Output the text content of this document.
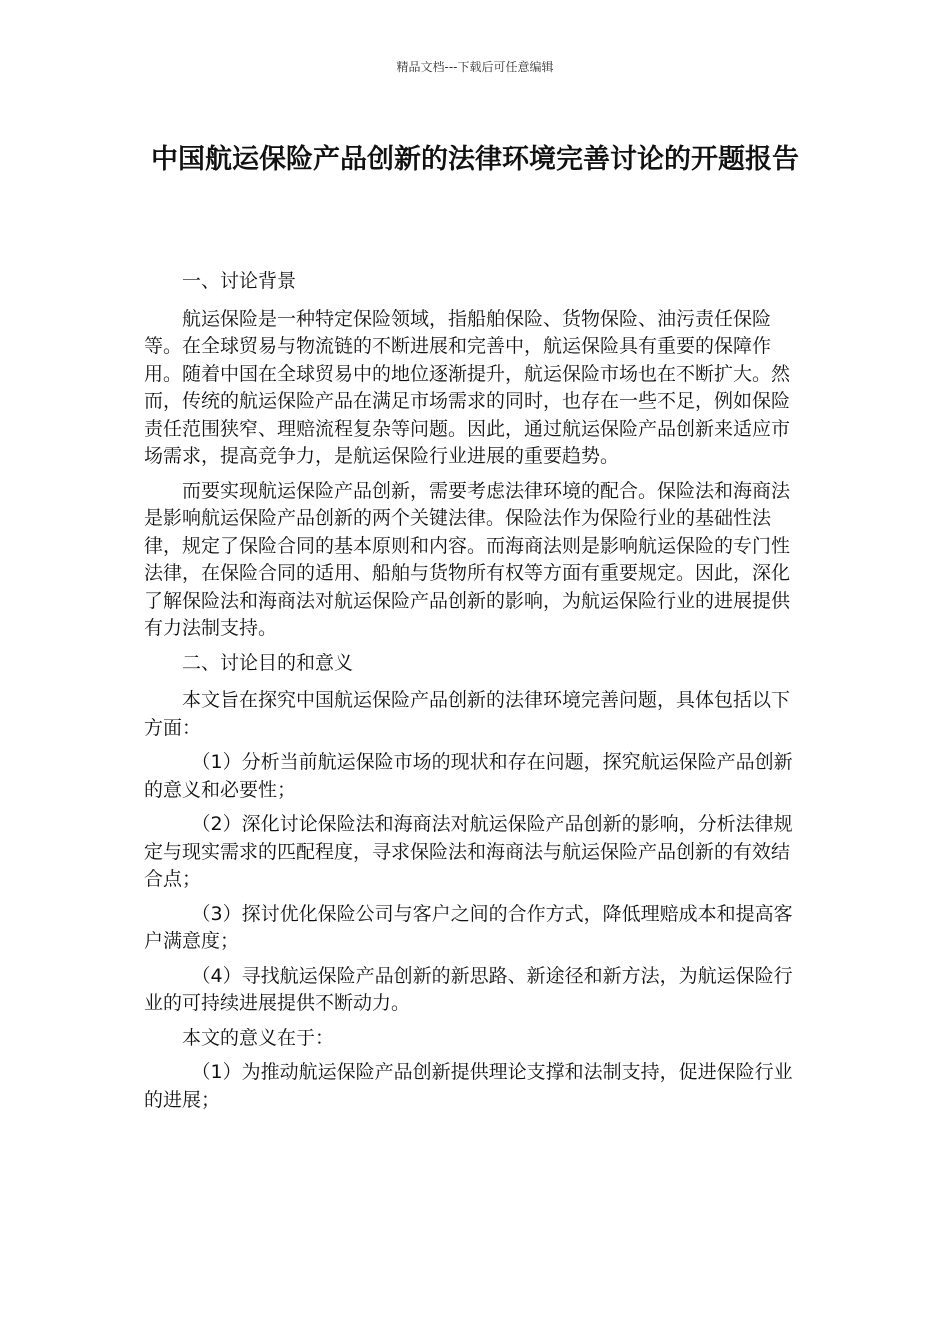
精品文档---下载后可任意编辑
中国航运保险产品创新的法律环境完善讨论的开题报告

一、讨论背景

航运保险是一种特定保险领域，指船舶保险、货物保险、油污责任保险等。在全球贸易与物流链的不断进展和完善中，航运保险具有重要的保障作用。随着中国在全球贸易中的地位逐渐提升，航运保险市场也在不断扩大。然而，传统的航运保险产品在满足市场需求的同时，也存在一些不足，例如保险责任范围狭窄、理赔流程复杂等问题。因此，通过航运保险产品创新来适应市场需求，提高竞争力，是航运保险行业进展的重要趋势。

而要实现航运保险产品创新，需要考虑法律环境的配合。保险法和海商法是影响航运保险产品创新的两个关键法律。保险法作为保险行业的基础性法律，规定了保险合同的基本原则和内容。而海商法则是影响航运保险的专门性法律，在保险合同的适用、船舶与货物所有权等方面有重要规定。因此，深化了解保险法和海商法对航运保险产品创新的影响，为航运保险行业的进展提供有力法制支持。

二、讨论目的和意义

本文旨在探究中国航运保险产品创新的法律环境完善问题，具体包括以下方面：

（1）分析当前航运保险市场的现状和存在问题，探究航运保险产品创新的意义和必要性；

（2）深化讨论保险法和海商法对航运保险产品创新的影响，分析法律规定与现实需求的匹配程度，寻求保险法和海商法与航运保险产品创新的有效结合点；

（3）探讨优化保险公司与客户之间的合作方式，降低理赔成本和提高客户满意度；

（4）寻找航运保险产品创新的新思路、新途径和新方法，为航运保险行业的可持续进展提供不断动力。

本文的意义在于：

（1）为推动航运保险产品创新提供理论支撑和法制支持，促进保险行业的进展；
